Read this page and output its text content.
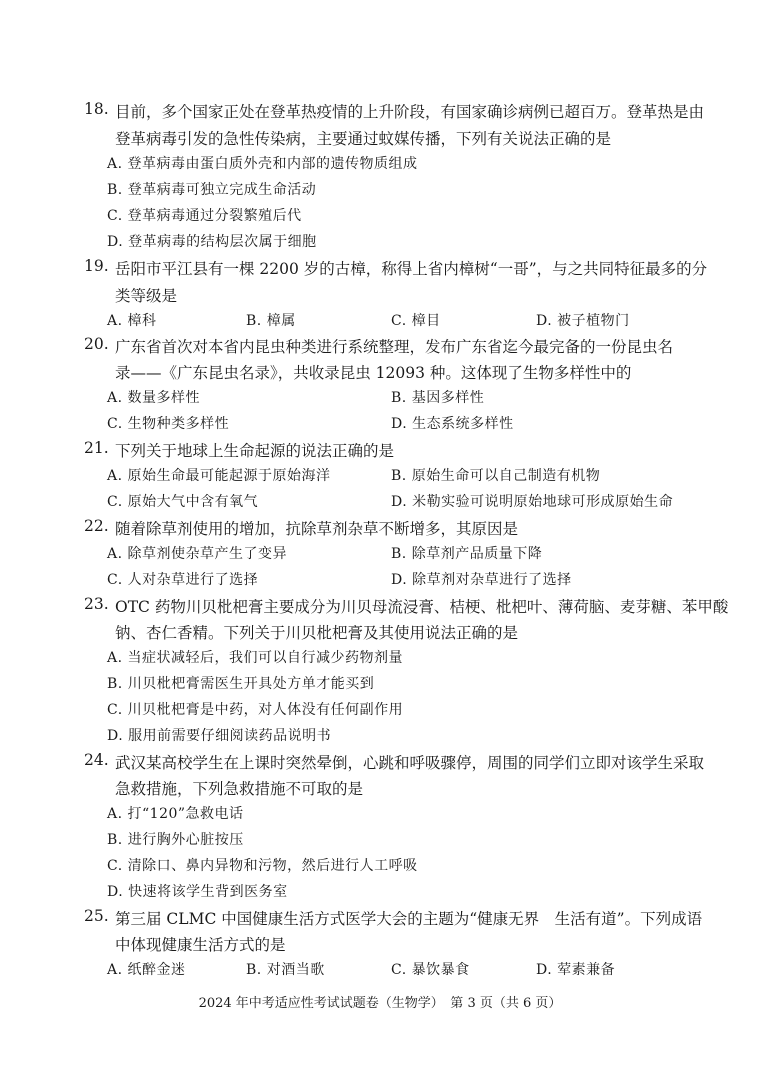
18. 目前，多个国家正处在登革热疫情的上升阶段，有国家确诊病例已超百万。登革热是由
登革病毒引发的急性传染病，主要通过蚊媒传播，下列有关说法正确的是
A. 登革病毒由蛋白质外壳和内部的遗传物质组成
B. 登革病毒可独立完成生命活动
C. 登革病毒通过分裂繁殖后代
D. 登革病毒的结构层次属于细胞
19. 岳阳市平江县有一棵 2200 岁的古樟，称得上省内樟树“一哥”，与之共同特征最多的分
类等级是
A. 樟科	B. 樟属	C. 樟目	D. 被子植物门
20. 广东省首次对本省内昆虫种类进行系统整理，发布广东省迄今最完备的一份昆虫名
录——《广东昆虫名录》，共收录昆虫 12093 种。这体现了生物多样性中的
A. 数量多样性	B. 基因多样性
C. 生物种类多样性	D. 生态系统多样性
21. 下列关于地球上生命起源的说法正确的是
A. 原始生命最可能起源于原始海洋	B. 原始生命可以自己制造有机物
C. 原始大气中含有氧气	D. 米勒实验可说明原始地球可形成原始生命
22. 随着除草剂使用的增加，抗除草剂杂草不断增多，其原因是
A. 除草剂使杂草产生了变异	B. 除草剂产品质量下降
C. 人对杂草进行了选择	D. 除草剂对杂草进行了选择
23. OTC 药物川贝枇杷膏主要成分为川贝母流浸膏、桔梗、枇杷叶、薄荷脑、麦芽糖、苯甲酸
钠、杏仁香精。下列关于川贝枇杷膏及其使用说法正确的是
A. 当症状减轻后，我们可以自行减少药物剂量
B. 川贝枇杷膏需医生开具处方单才能买到
C. 川贝枇杷膏是中药，对人体没有任何副作用
D. 服用前需要仔细阅读药品说明书
24. 武汉某高校学生在上课时突然晕倒，心跳和呼吸骤停，周围的同学们立即对该学生采取
急救措施，下列急救措施不可取的是
A. 打“120”急救电话
B. 进行胸外心脏按压
C. 清除口、鼻内异物和污物，然后进行人工呼吸
D. 快速将该学生背到医务室
25. 第三届 CLMC 中国健康生活方式医学大会的主题为“健康无界　生活有道”。下列成语
中体现健康生活方式的是
A. 纸醉金迷	B. 对酒当歌	C. 暴饮暴食	D. 荤素兼备
2024 年中考适应性考试试题卷（生物学）　第 3 页（共 6 页）
